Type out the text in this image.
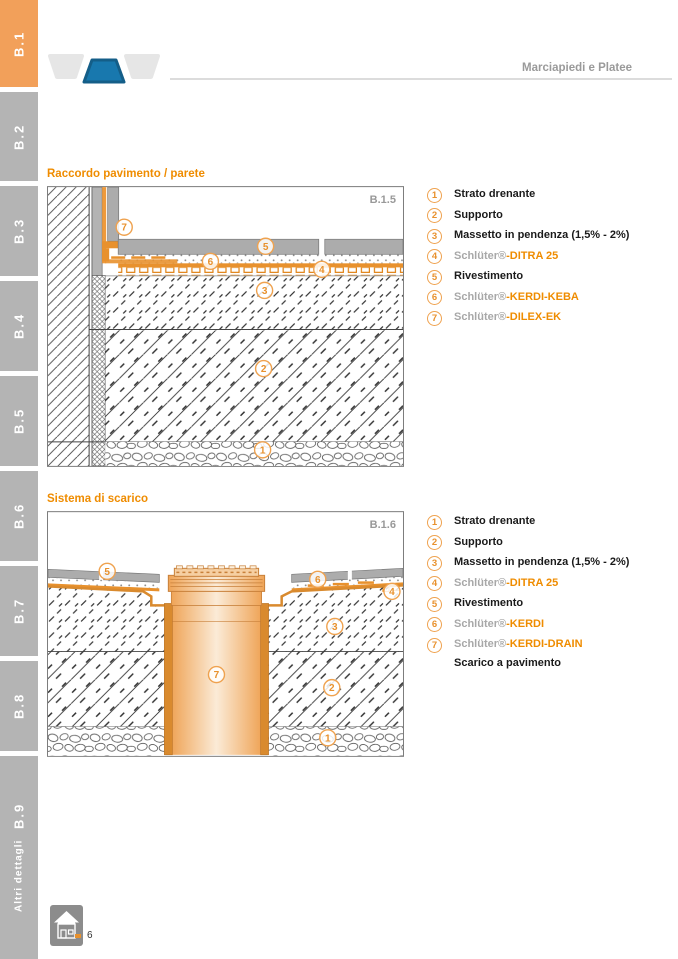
B.1
B.2
B.3
B.4
B.5
B.6
B.7
B.8
Altri dettagli
B.9
Marciapiedi e Platee
Raccordo pavimento / parete
B.1.5
7
5
6
4
3
2
1
1	Strato drenante
2	Supporto
3	Massetto in pendenza (1,5% - 2%)
4	Schlüter®-DITRA 25
5	Rivestimento
6	Schlüter®-KERDI-KEBA
7	Schlüter®-DILEX-EK
Sistema di scarico
B.1.6
5
6
4
3
7
2
1
1	Strato drenante
2	Supporto
3	Massetto in pendenza (1,5% - 2%)
4	Schlüter®-DITRA 25
5	Rivestimento
6	Schlüter®-KERDI
7	Schlüter®-KERDI-DRAIN
Scarico a pavimento
6
